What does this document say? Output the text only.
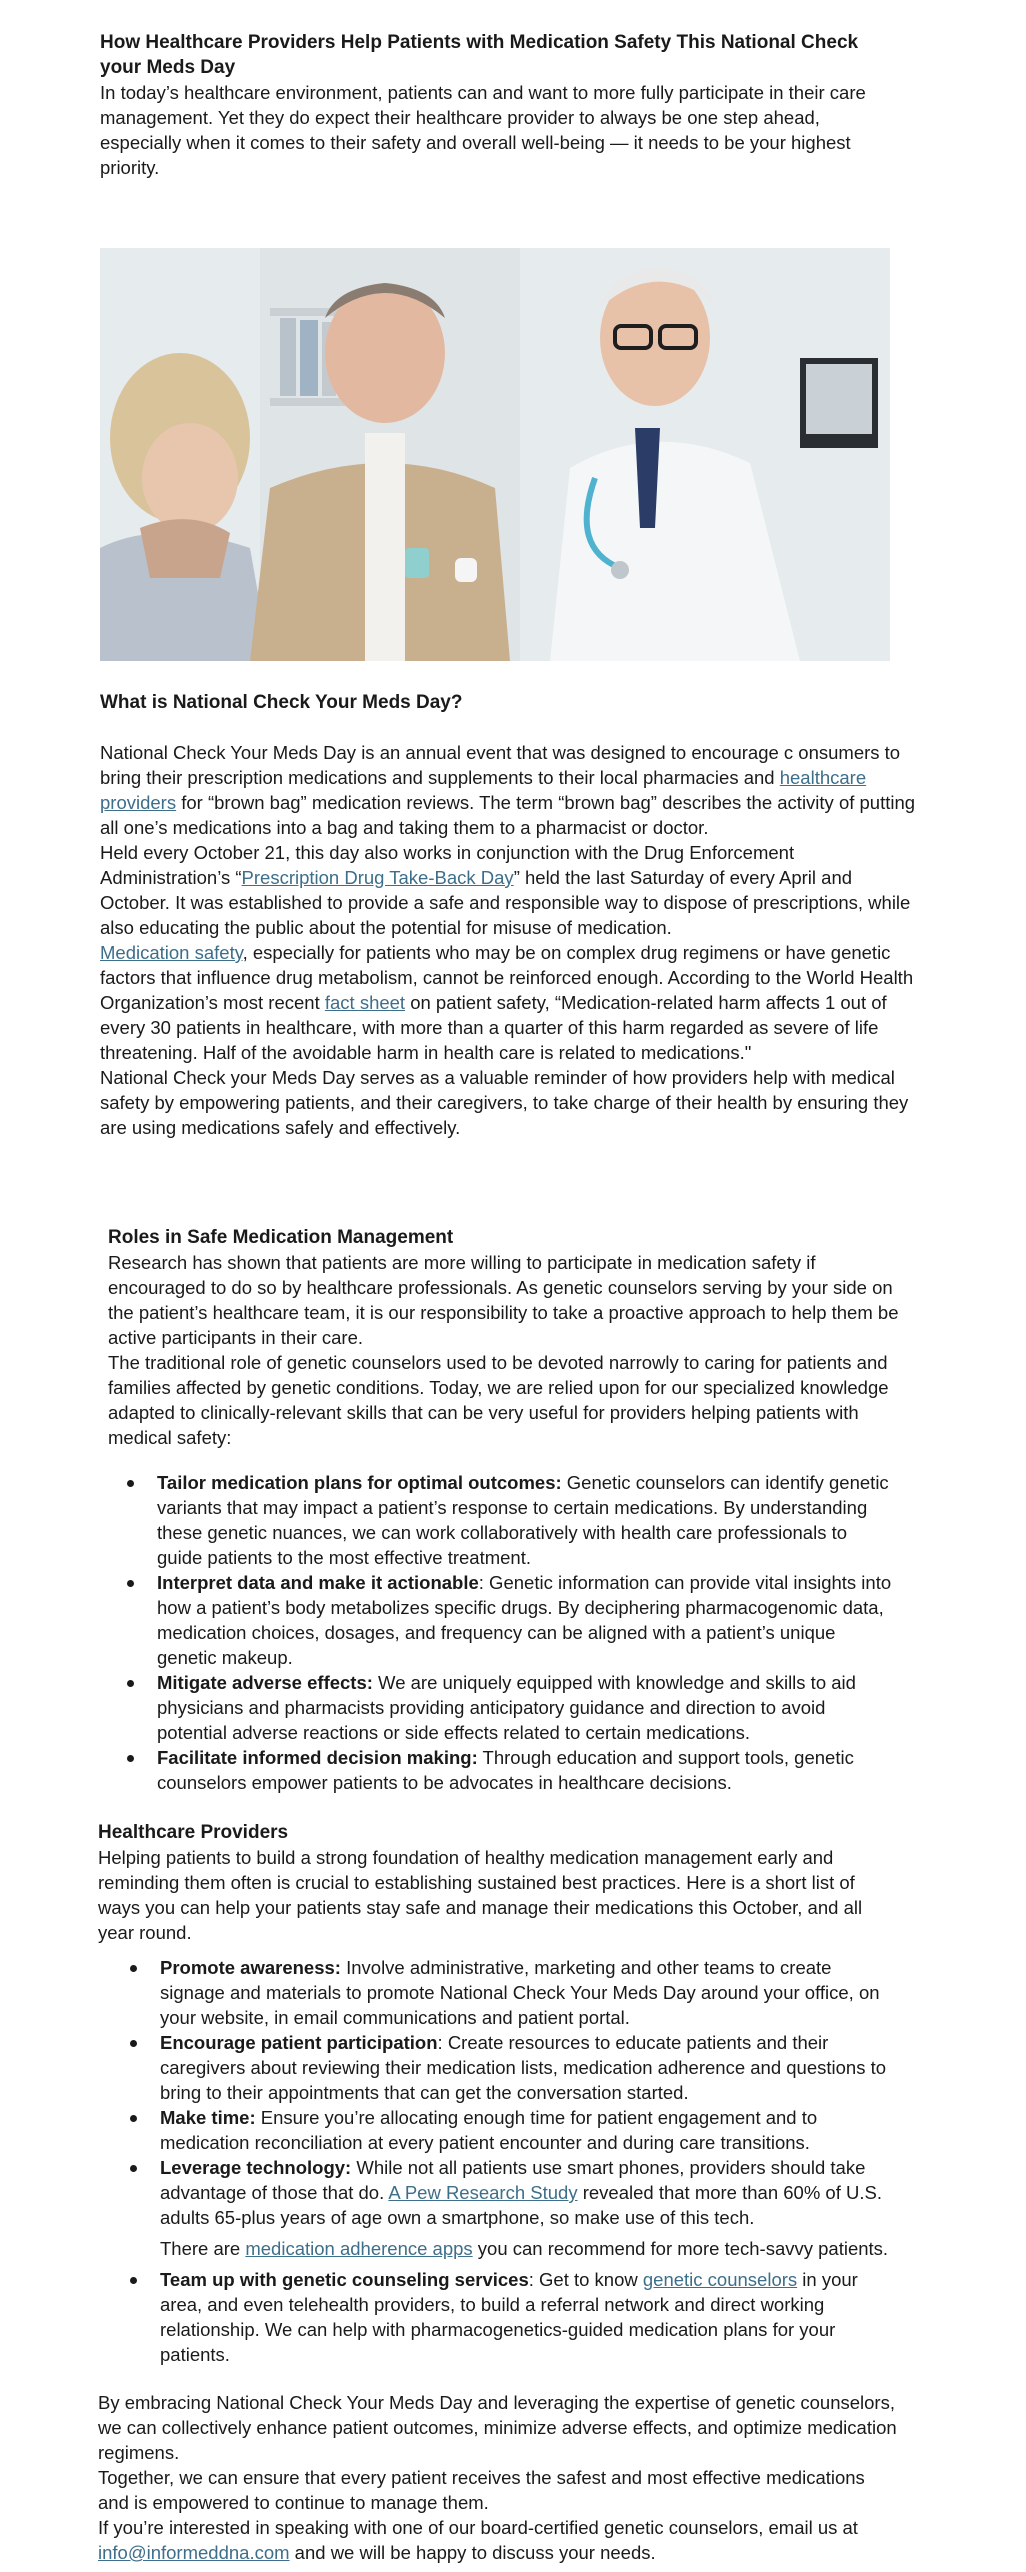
How Healthcare Providers Help Patients with Medication Safety This National Check your Meds Day

In today’s healthcare environment, patients can and want to more fully participate in their care management. Yet they do expect their healthcare provider to always be one step ahead, especially when it comes to their safety and overall well-being — it needs to be your highest priority.

What is National Check Your Meds Day?

National Check Your Meds Day is an annual event that was designed to encourage c onsumers to bring their prescription medications and supplements to their local pharmacies and healthcare providers for “brown bag” medication reviews. The term “brown bag” describes the activity of putting all one’s medications into a bag and taking them to a pharmacist or doctor.

Held every October 21, this day also works in conjunction with the Drug Enforcement Administration’s “Prescription Drug Take-Back Day” held the last Saturday of every April and October. It was established to provide a safe and responsible way to dispose of prescriptions, while also educating the public about the potential for misuse of medication.

Medication safety, especially for patients who may be on complex drug regimens or have genetic factors that influence drug metabolism, cannot be reinforced enough. According to the World Health Organization’s most recent fact sheet on patient safety, “Medication-related harm affects 1 out of every 30 patients in healthcare, with more than a quarter of this harm regarded as severe of life threatening. Half of the avoidable harm in health care is related to medications."

National Check your Meds Day serves as a valuable reminder of how providers help with medical safety by empowering patients, and their caregivers, to take charge of their health by ensuring they are using medications safely and effectively.

Roles in Safe Medication Management

Research has shown that patients are more willing to participate in medication safety if encouraged to do so by healthcare professionals. As genetic counselors serving by your side on the patient’s healthcare team, it is our responsibility to take a proactive approach to help them be active participants in their care.

The traditional role of genetic counselors used to be devoted narrowly to caring for patients and families affected by genetic conditions. Today, we are relied upon for our specialized knowledge adapted to clinically-relevant skills that can be very useful for providers helping patients with medical safety:

Tailor medication plans for optimal outcomes: Genetic counselors can identify genetic variants that may impact a patient’s response to certain medications. By understanding these genetic nuances, we can work collaboratively with health care professionals to guide patients to the most effective treatment.
Interpret data and make it actionable: Genetic information can provide vital insights into how a patient’s body metabolizes specific drugs. By deciphering pharmacogenomic data, medication choices, dosages, and frequency can be aligned with a patient’s unique genetic makeup.
Mitigate adverse effects: We are uniquely equipped with knowledge and skills to aid physicians and pharmacists providing anticipatory guidance and direction to avoid potential adverse reactions or side effects related to certain medications.
Facilitate informed decision making: Through education and support tools, genetic counselors empower patients to be advocates in healthcare decisions.

Healthcare Providers

Helping patients to build a strong foundation of healthy medication management early and reminding them often is crucial to establishing sustained best practices. Here is a short list of ways you can help your patients stay safe and manage their medications this October, and all year round.

Promote awareness: Involve administrative, marketing and other teams to create signage and materials to promote National Check Your Meds Day around your office, on your website, in email communications and patient portal.
Encourage patient participation: Create resources to educate patients and their caregivers about reviewing their medication lists, medication adherence and questions to bring to their appointments that can get the conversation started.
Make time: Ensure you’re allocating enough time for patient engagement and to medication reconciliation at every patient encounter and during care transitions.
Leverage technology: While not all patients use smart phones, providers should take advantage of those that do. A Pew Research Study revealed that more than 60% of U.S. adults 65-plus years of age own a smartphone, so make use of this tech.

There are medication adherence apps you can recommend for more tech-savvy patients.

Team up with genetic counseling services: Get to know genetic counselors in your area, and even telehealth providers, to build a referral network and direct working relationship. We can help with pharmacogenetics-guided medication plans for your patients.

By embracing National Check Your Meds Day and leveraging the expertise of genetic counselors, we can collectively enhance patient outcomes, minimize adverse effects, and optimize medication regimens.

Together, we can ensure that every patient receives the safest and most effective medications and is empowered to continue to manage them.

If you’re interested in speaking with one of our board-certified genetic counselors, email us at info@informeddna.com and we will be happy to discuss your needs.
